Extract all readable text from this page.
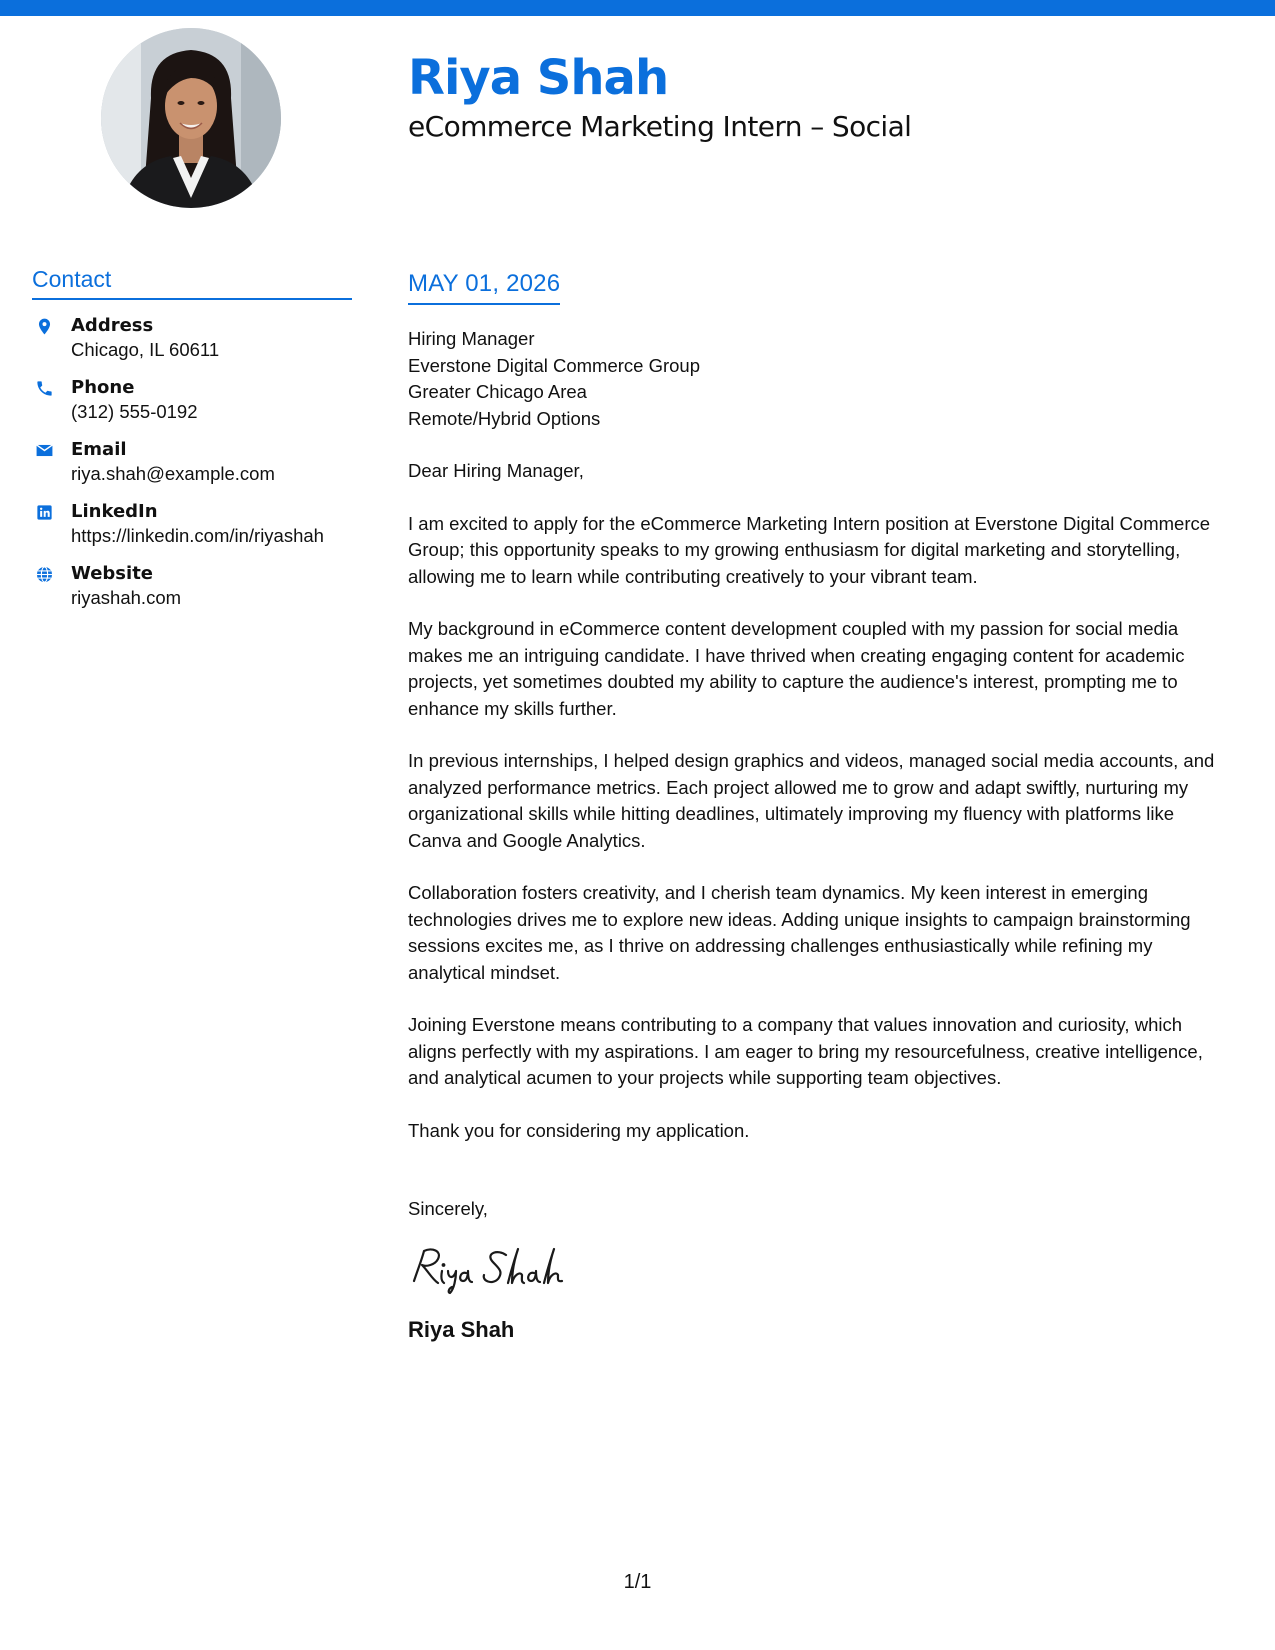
Riya Shah
eCommerce Marketing Intern – Social
Contact
Address
Chicago, IL 60611
Phone
(312) 555-0192
Email
riya.shah@example.com
LinkedIn
https://linkedin.com/in/riyashah
Website
riyashah.com
MAY 01, 2026
Hiring Manager
Everstone Digital Commerce Group
Greater Chicago Area
Remote/Hybrid Options
Dear Hiring Manager,

I am excited to apply for the eCommerce Marketing Intern position at Everstone Digital Commerce Group; this opportunity speaks to my growing enthusiasm for digital marketing and storytelling, allowing me to learn while contributing creatively to your vibrant team.

My background in eCommerce content development coupled with my passion for social media makes me an intriguing candidate. I have thrived when creating engaging content for academic projects, yet sometimes doubted my ability to capture the audience's interest, prompting me to enhance my skills further.

In previous internships, I helped design graphics and videos, managed social media accounts, and analyzed performance metrics. Each project allowed me to grow and adapt swiftly, nurturing my organizational skills while hitting deadlines, ultimately improving my fluency with platforms like Canva and Google Analytics.

Collaboration fosters creativity, and I cherish team dynamics. My keen interest in emerging technologies drives me to explore new ideas. Adding unique insights to campaign brainstorming sessions excites me, as I thrive on addressing challenges enthusiastically while refining my analytical mindset.

Joining Everstone means contributing to a company that values innovation and curiosity, which aligns perfectly with my aspirations. I am eager to bring my resourcefulness, creative intelligence, and analytical acumen to your projects while supporting team objectives.

Thank you for considering my application.
Sincerely,
Riya Shah
1/1
